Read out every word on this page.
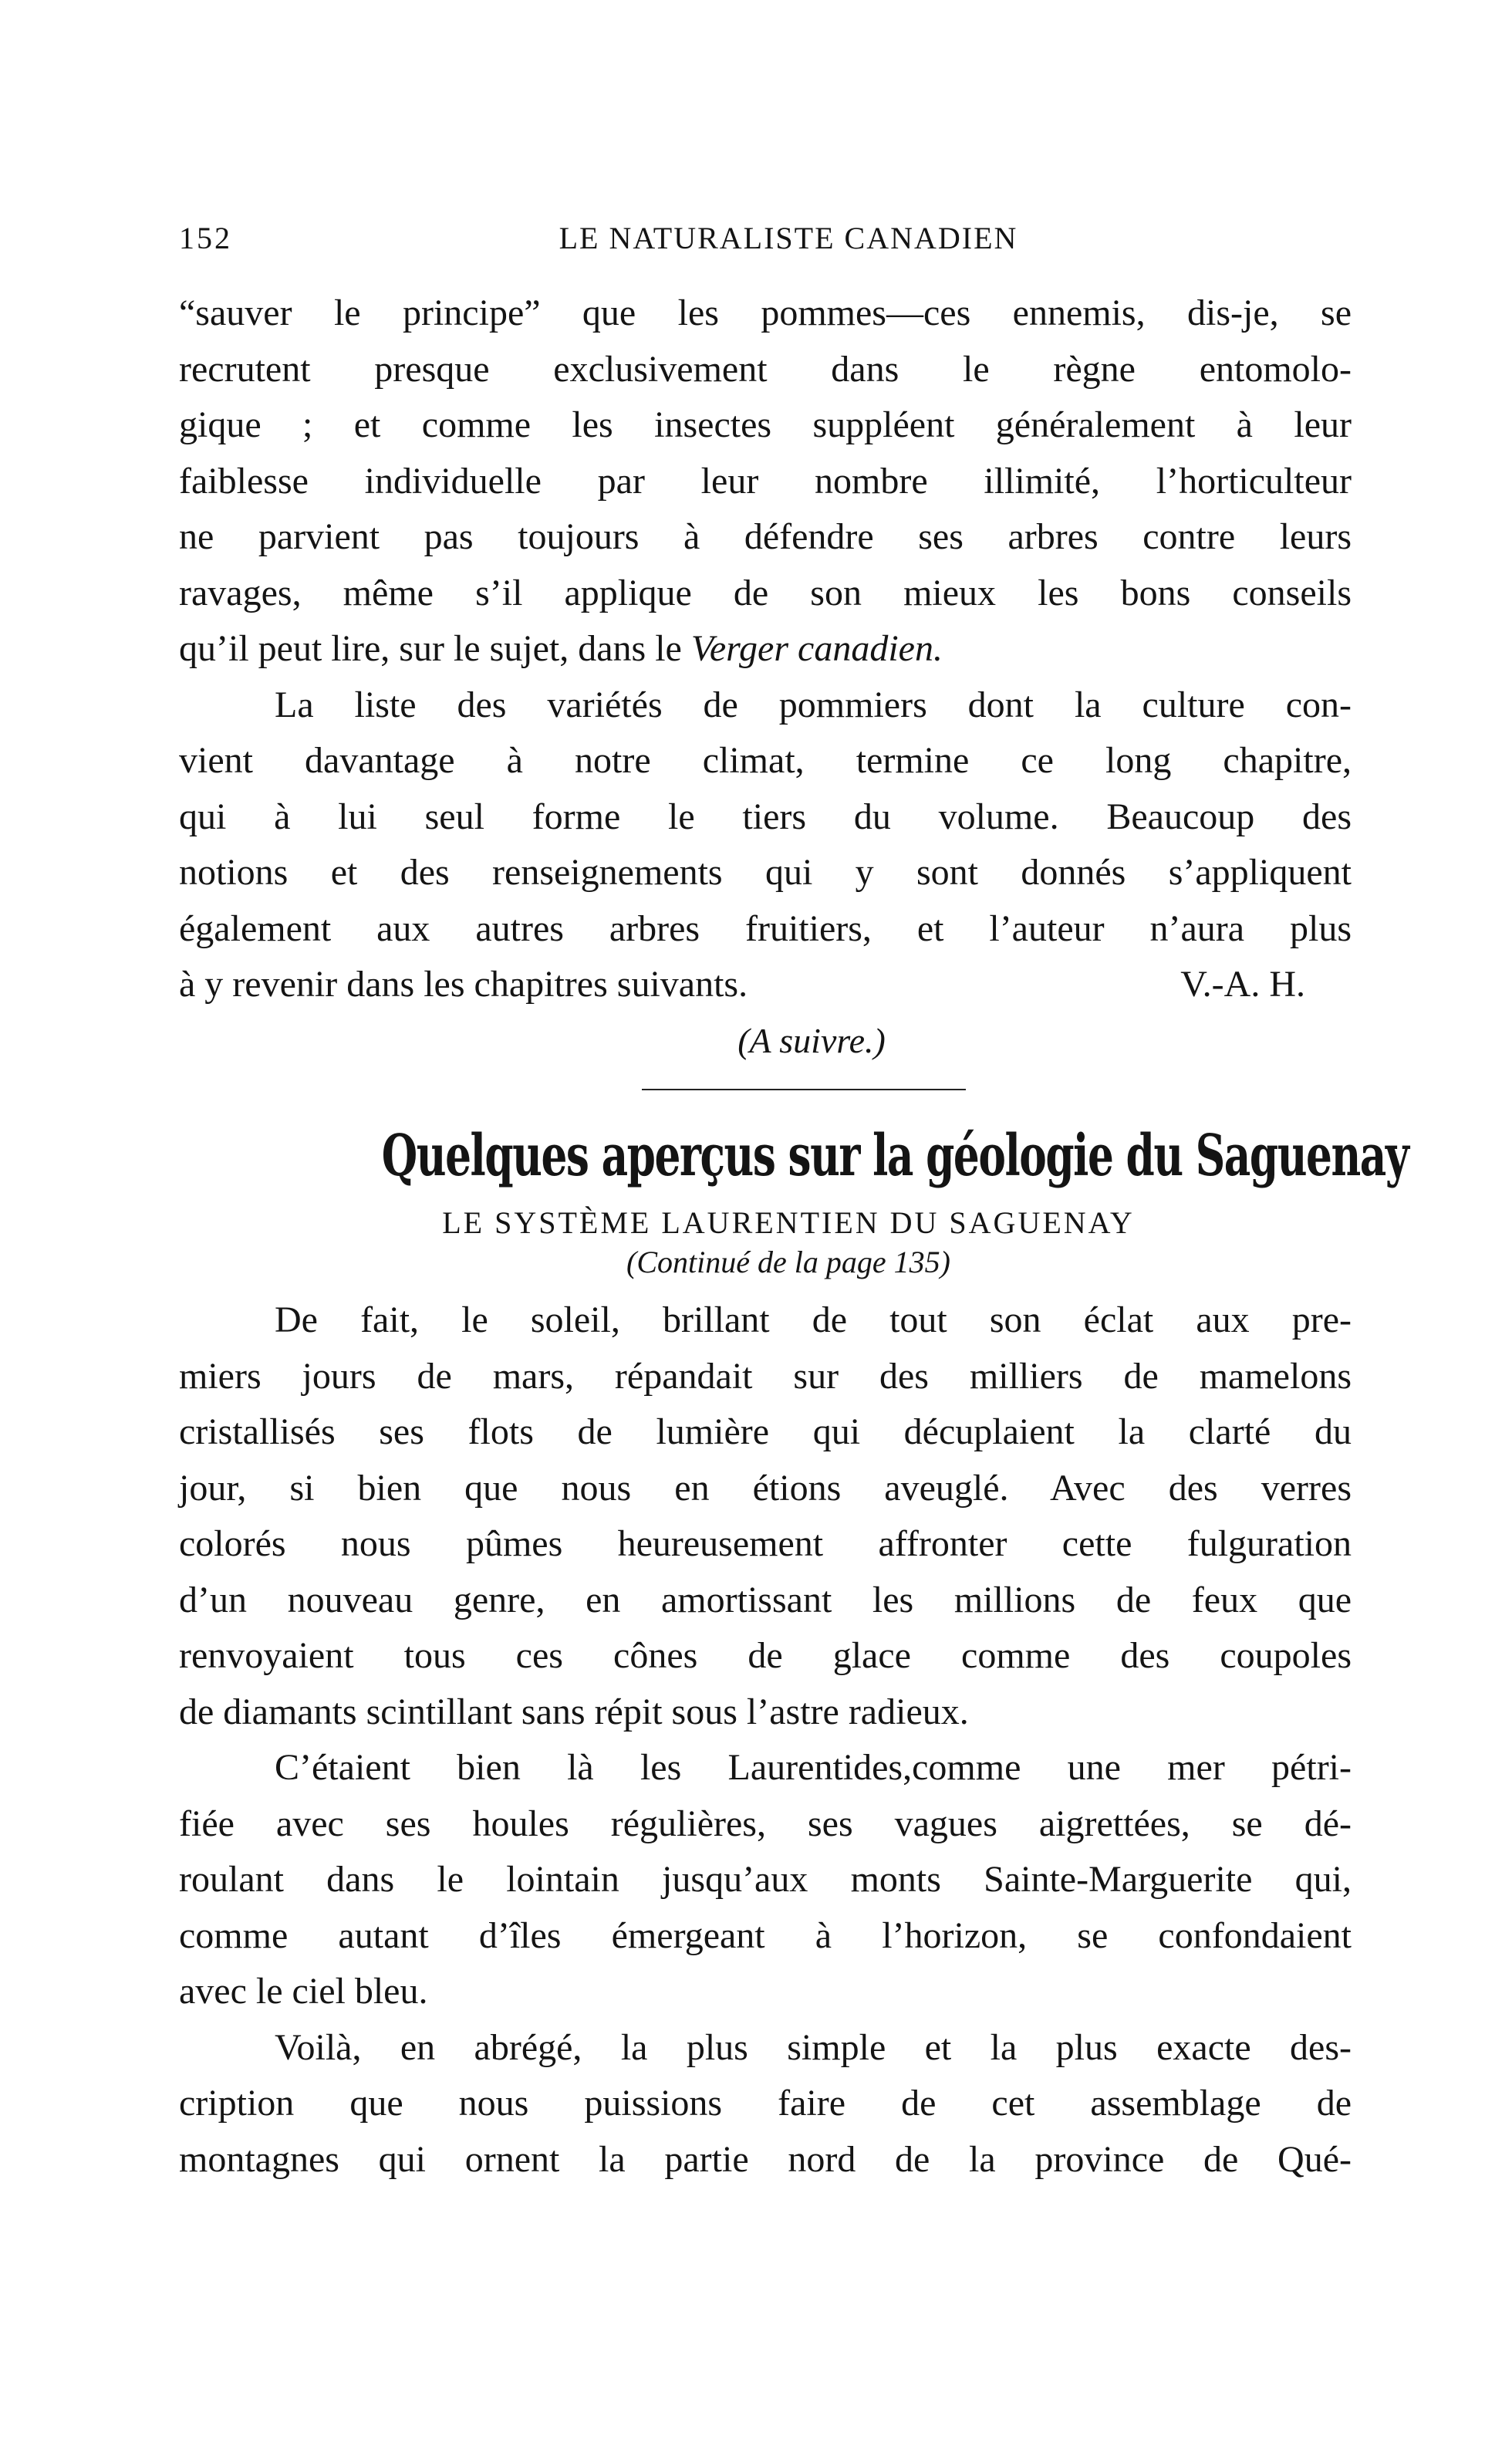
152	LE NATURALISTE CANADIEN

“sauver le principe” que les pommes—ces ennemis, dis-je, se
recrutent presque exclusivement dans le règne entomolo-
gique ; et comme les insectes suppléent généralement à leur
faiblesse individuelle par leur nombre illimité, l’horticulteur
ne parvient pas toujours à défendre ses arbres contre leurs
ravages, même s’il applique de son mieux les bons conseils
qu’il peut lire, sur le sujet, dans le Verger canadien.

La liste des variétés de pommiers dont la culture con-
vient davantage à notre climat, termine ce long chapitre,
qui à lui seul forme le tiers du volume. Beaucoup des
notions et des renseignements qui y sont donnés s’appliquent
également aux autres arbres fruitiers, et l’auteur n’aura plus
à y revenir dans les chapitres suivants.	V.-A. H.

(A suivre.)
Quelques aperçus sur la géologie du Saguenay
LE SYSTÈME LAURENTIEN DU SAGUENAY
(Continué de la page 135)

De fait, le soleil, brillant de tout son éclat aux pre-
miers jours de mars, répandait sur des milliers de mamelons
cristallisés ses flots de lumière qui décuplaient la clarté du
jour, si bien que nous en étions aveuglé. Avec des verres
colorés nous pûmes heureusement affronter cette fulguration
d’un nouveau genre, en amortissant les millions de feux que
renvoyaient tous ces cônes de glace comme des coupoles
de diamants scintillant sans répit sous l’astre radieux.

C’étaient bien là les Laurentides,comme une mer pétri-
fiée avec ses houles régulières, ses vagues aigrettées, se dé-
roulant dans le lointain jusqu’aux monts Sainte-Marguerite qui,
comme autant d’îles émergeant à l’horizon, se confondaient
avec le ciel bleu.

Voilà, en abrégé, la plus simple et la plus exacte des-
cription que nous puissions faire de cet assemblage de
montagnes qui ornent la partie nord de la province de Qué-
